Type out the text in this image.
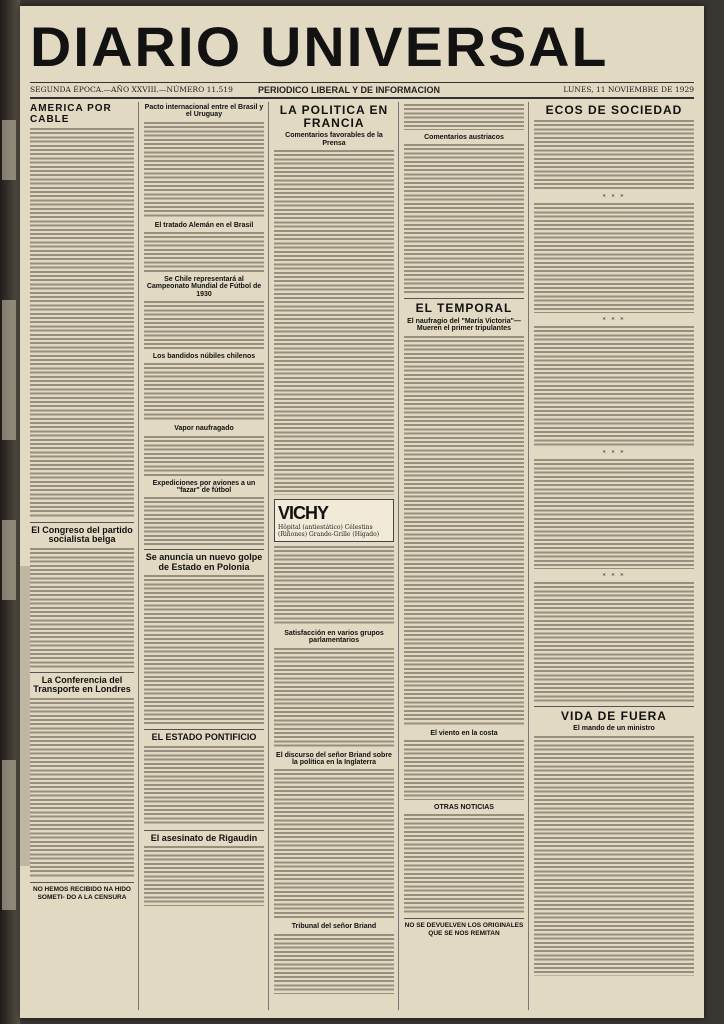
DIARIO UNIVERSAL
SEGUNDA ÉPOCA.—AÑO XXVIII.—NÚMERO 11.519	PERIODICO LIBERAL Y DE INFORMACION	LUNES, 11 NOVIEMBRE DE 1929
AMERICA POR CABLE
El Congreso del partido socialista belga
La Conferencia del Transporte en Londres
NO HEMOS RECIBIDO NA HIDO SOMETI- DO A LA CENSURA
Pacto internacional entre el Brasil y el Uruguay
El tratado Alemán en el Brasil
Se Chile representará al Campeonato Mundial de Fútbol de 1930
Los bandidos núbiles chilenos
Vapor naufragado
Expediciones por aviones a un "fazar" de fútbol
Se anuncia un nuevo golpe de Estado en Polonia
EL ESTADO PONTIFICIO
El asesinato de Rigaudin
LA POLITICA EN FRANCIA
Comentarios favorables de la Prensa
VICHY
Hôpital (antiestático) Célestins (Riñones) Grande-Grille (Hígado)
Satisfacción en varios grupos parlamentarios
El discurso del señor Briand sobre la política en la Inglaterra
Tribunal del señor Briand
Comentarios austriacos
EL TEMPORAL
El naufragio del "María Victoria"— Mueren el primer tripulantes
El viento en la costa
OTRAS NOTICIAS
NO SE DEVUELVEN LOS ORIGINALES QUE SE NOS REMITAN
ECOS DE SOCIEDAD
* * *
* * *
* * *
* * *
VIDA DE FUERA
El mando de un ministro
